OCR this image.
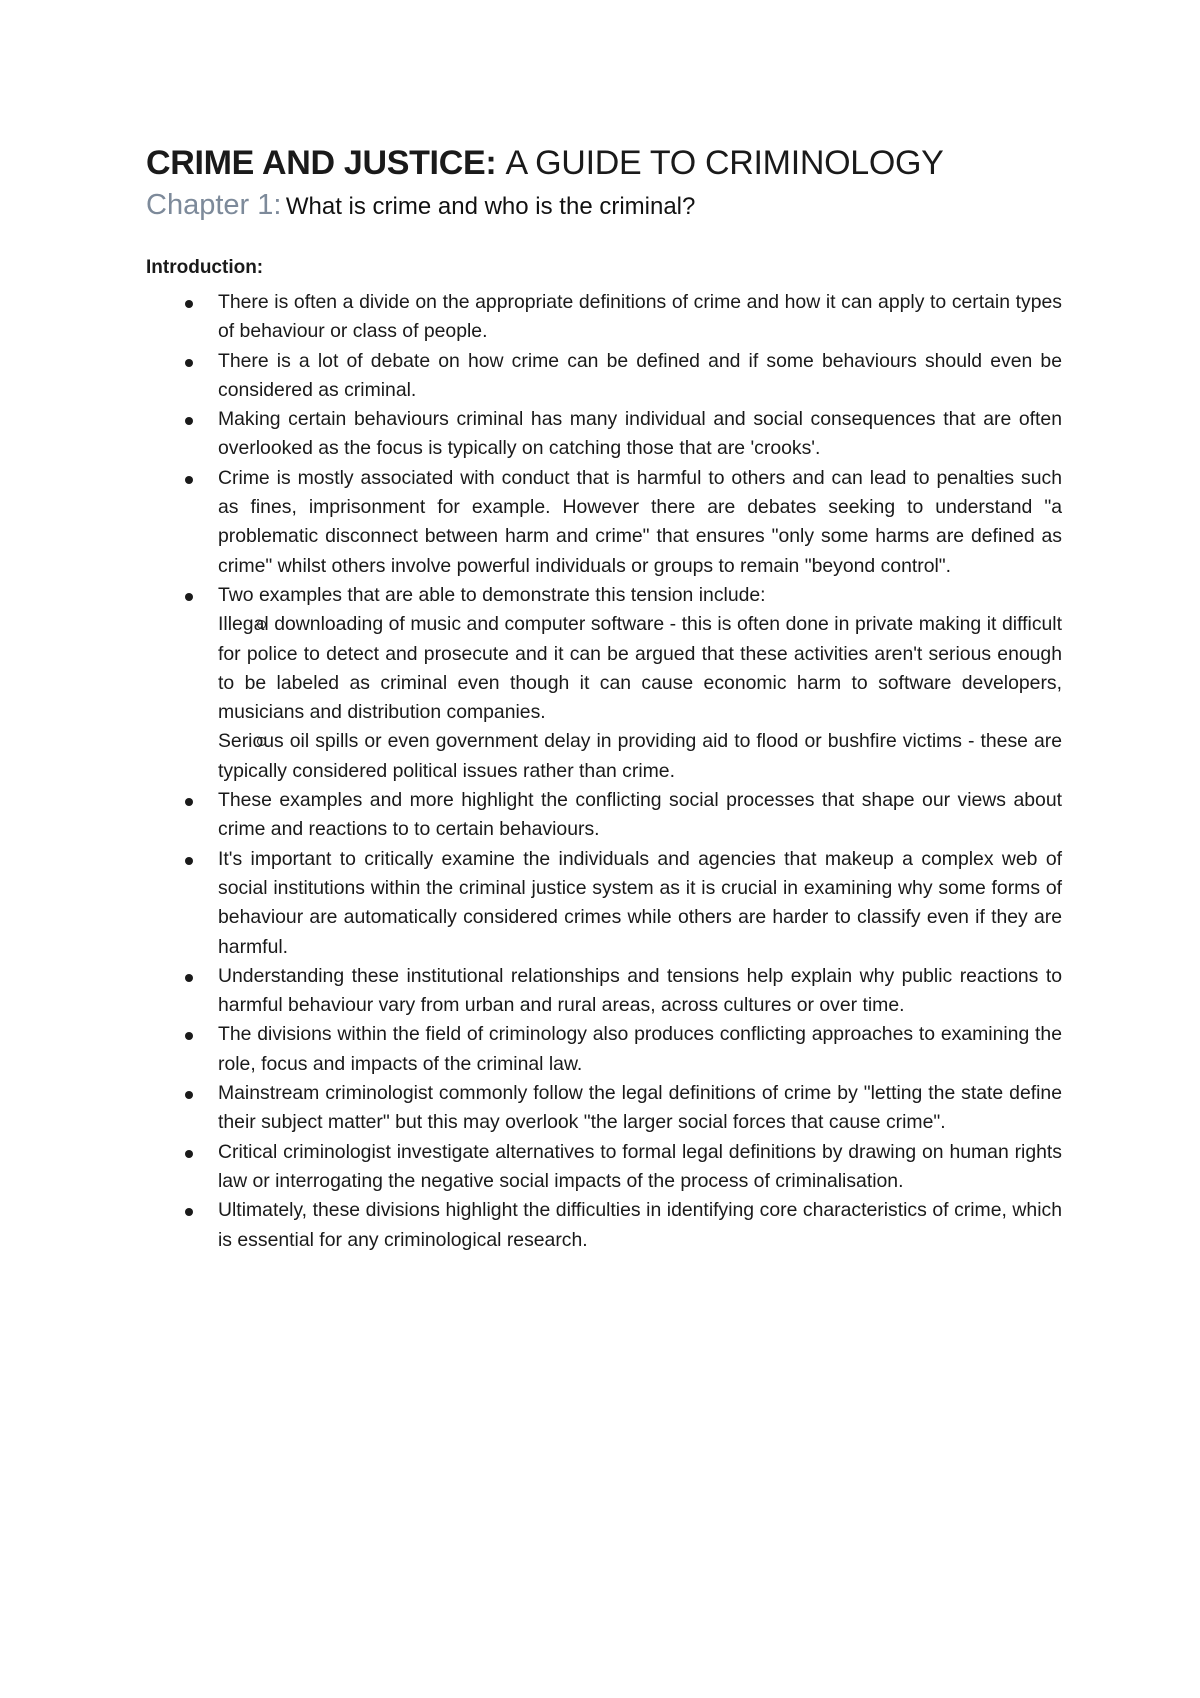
CRIME AND JUSTICE: A GUIDE TO CRIMINOLOGY

Chapter 1: What is crime and who is the criminal?

Introduction:
There is often a divide on the appropriate definitions of crime and how it can apply to certain types of behaviour or class of people.
There is a lot of debate on how crime can be defined and if some behaviours should even be considered as criminal.
Making certain behaviours criminal has many individual and social consequences that are often overlooked as the focus is typically on catching those that are 'crooks'.
Crime is mostly associated with conduct that is harmful to others and can lead to penalties such as fines, imprisonment for example. However there are debates seeking to understand "a problematic disconnect between harm and crime" that ensures "only some harms are defined as crime" whilst others involve powerful individuals or groups to remain "beyond control".
Two examples that are able to demonstrate this tension include:
Illegal downloading of music and computer software - this is often done in private making it difficult for police to detect and prosecute and it can be argued that these activities aren't serious enough to be labeled as criminal even though it can cause economic harm to software developers, musicians and distribution companies.
Serious oil spills or even government delay in providing aid to flood or bushfire victims - these are typically considered political issues rather than crime.
These examples and more highlight the conflicting social processes that shape our views about crime and reactions to to certain behaviours.
It's important to critically examine the individuals and agencies that makeup a complex web of social institutions within the criminal justice system as it is crucial in examining why some forms of behaviour are automatically considered crimes while others are harder to classify even if they are harmful.
Understanding these institutional relationships and tensions help explain why public reactions to harmful behaviour vary from urban and rural areas, across cultures or over time.
The divisions within the field of criminology also produces conflicting approaches to examining the role, focus and impacts of the criminal law.
Mainstream criminologist commonly follow the legal definitions of crime by "letting the state define their subject matter" but this may overlook "the larger social forces that cause crime".
Critical criminologist investigate alternatives to formal legal definitions by drawing on human rights law or interrogating the negative social impacts of the process of criminalisation.
Ultimately, these divisions highlight the difficulties in identifying core characteristics of crime, which is essential for any criminological research.
